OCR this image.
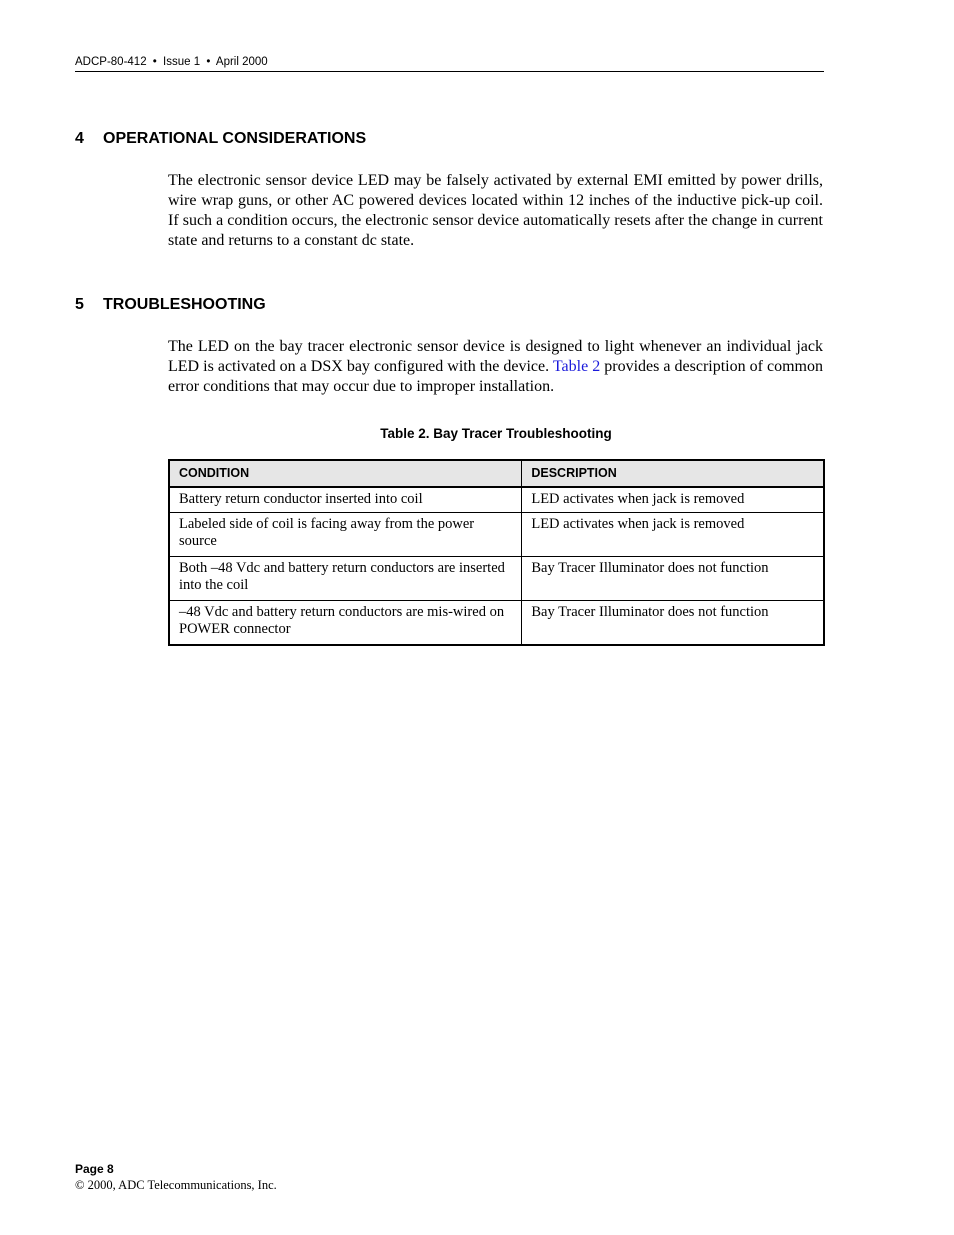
ADCP-80-412 • Issue 1 • April 2000
4 OPERATIONAL CONSIDERATIONS
The electronic sensor device LED may be falsely activated by external EMI emitted by power drills, wire wrap guns, or other AC powered devices located within 12 inches of the inductive pick-up coil. If such a condition occurs, the electronic sensor device automatically resets after the change in current state and returns to a constant dc state.
5 TROUBLESHOOTING
The LED on the bay tracer electronic sensor device is designed to light whenever an individual jack LED is activated on a DSX bay configured with the device. Table 2 provides a description of common error conditions that may occur due to improper installation.
Table 2. Bay Tracer Troubleshooting
CONDITION	DESCRIPTION
Battery return conductor inserted into coil	LED activates when jack is removed
Labeled side of coil is facing away from the power source	LED activates when jack is removed
Both –48 Vdc and battery return conductors are inserted into the coil	Bay Tracer Illuminator does not function
–48 Vdc and battery return conductors are mis-wired on POWER connector	Bay Tracer Illuminator does not function
Page 8
© 2000, ADC Telecommunications, Inc.
